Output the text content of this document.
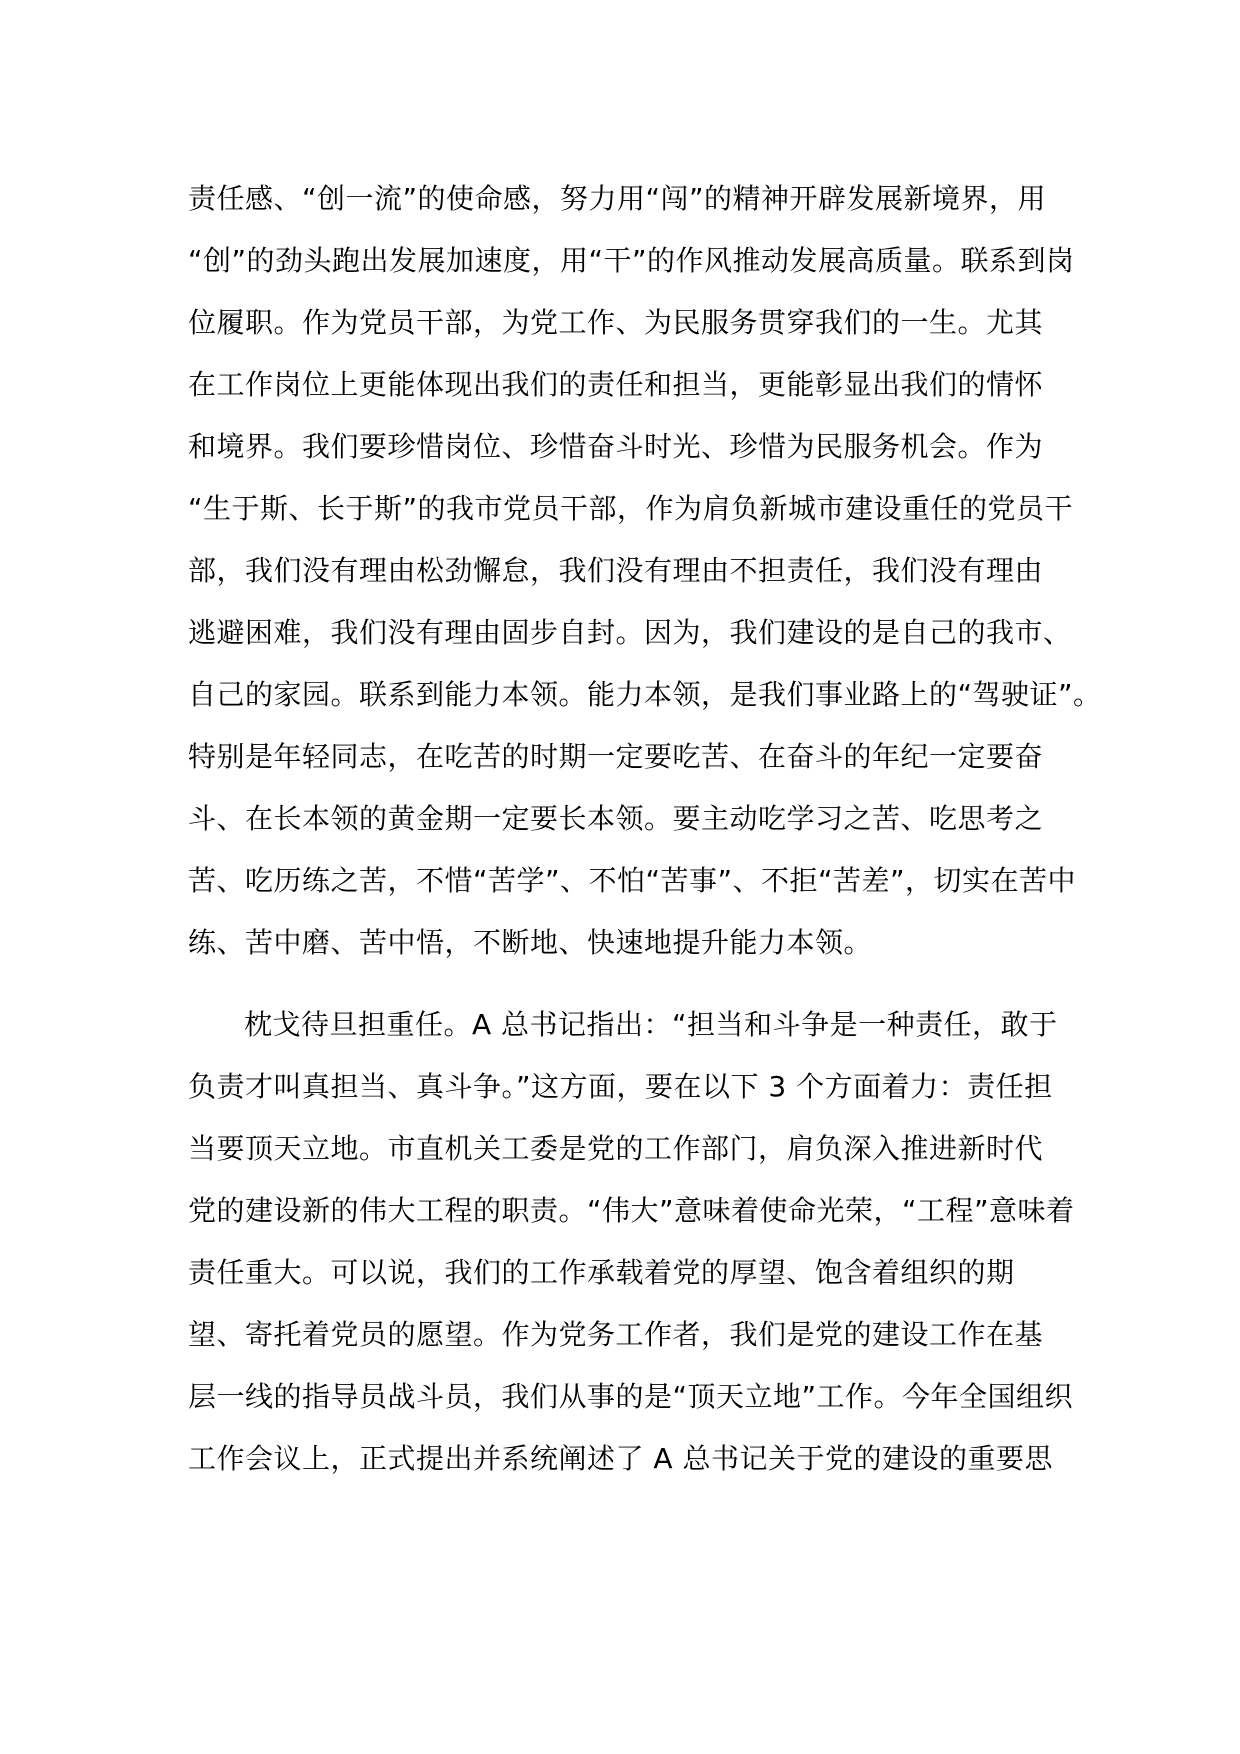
责任感、“创一流”的使命感，努力用“闯”的精神开辟发展新境界，用
“创”的劲头跑出发展加速度，用“干”的作风推动发展高质量。联系到岗
位履职。作为党员干部，为党工作、为民服务贯穿我们的一生。尤其
在工作岗位上更能体现出我们的责任和担当，更能彰显出我们的情怀
和境界。我们要珍惜岗位、珍惜奋斗时光、珍惜为民服务机会。作为
“生于斯、长于斯”的我市党员干部，作为肩负新城市建设重任的党员干
部，我们没有理由松劲懈怠，我们没有理由不担责任，我们没有理由
逃避困难，我们没有理由固步自封。因为，我们建设的是自己的我市、
自己的家园。联系到能力本领。能力本领，是我们事业路上的“驾驶证”。
特别是年轻同志，在吃苦的时期一定要吃苦、在奋斗的年纪一定要奋
斗、在长本领的黄金期一定要长本领。要主动吃学习之苦、吃思考之
苦、吃历练之苦，不惜“苦学”、不怕“苦事”、不拒“苦差”，切实在苦中
练、苦中磨、苦中悟，不断地、快速地提升能力本领。
枕戈待旦担重任。A 总书记指出：“担当和斗争是一种责任，敢于
负责才叫真担当、真斗争。”这方面，要在以下 3 个方面着力：责任担
当要顶天立地。市直机关工委是党的工作部门，肩负深入推进新时代
党的建设新的伟大工程的职责。“伟大”意味着使命光荣，“工程”意味着
责任重大。可以说，我们的工作承载着党的厚望、饱含着组织的期
望、寄托着党员的愿望。作为党务工作者，我们是党的建设工作在基
层一线的指导员战斗员，我们从事的是“顶天立地”工作。今年全国组织
工作会议上，正式提出并系统阐述了 A 总书记关于党的建设的重要思
